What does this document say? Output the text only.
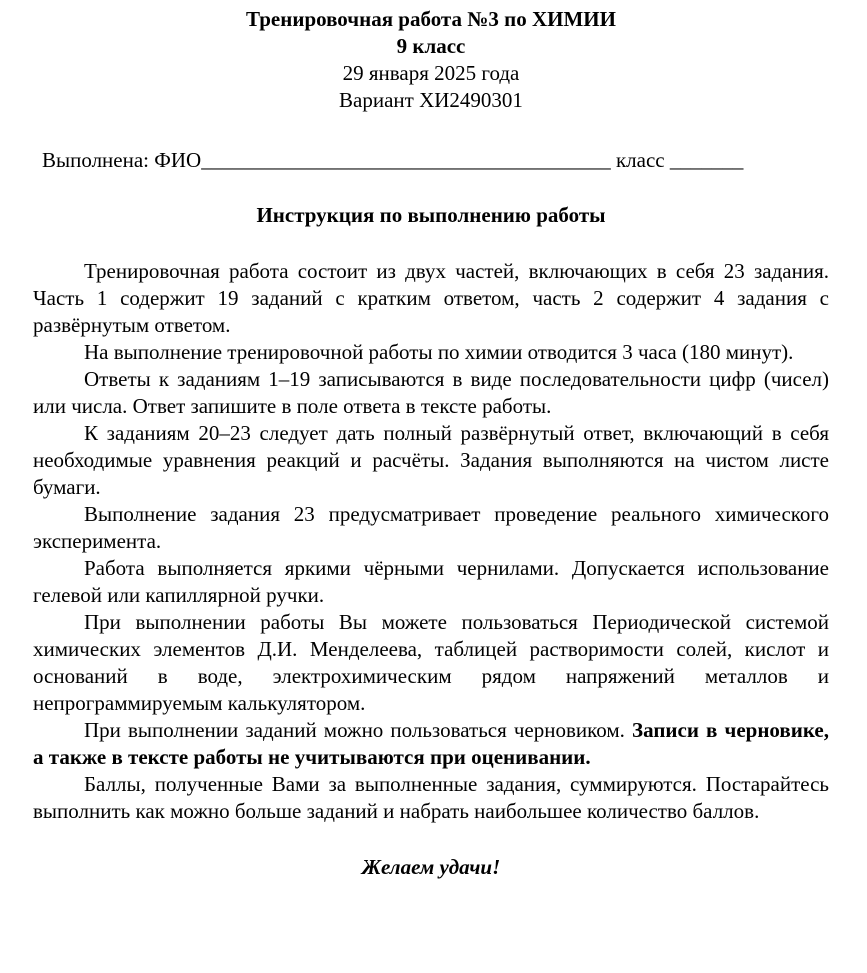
Тренировочная работа №3 по ХИМИИ
9 класс
29 января 2025 года
Вариант ХИ2490301
Выполнена: ФИО_______________________________________ класс _______
Инструкция по выполнению работы

Тренировочная работа состоит из двух частей, включающих в себя 23 задания. Часть 1 содержит 19 заданий с кратким ответом, часть 2 содержит 4 задания с развёрнутым ответом.

На выполнение тренировочной работы по химии отводится 3 часа (180 минут).

Ответы к заданиям 1–19 записываются в виде последовательности цифр (чисел) или числа. Ответ запишите в поле ответа в тексте работы.

К заданиям 20–23 следует дать полный развёрнутый ответ, включающий в себя необходимые уравнения реакций и расчёты. Задания выполняются на чистом листе бумаги.

Выполнение задания 23 предусматривает проведение реального химического эксперимента.

Работа выполняется яркими чёрными чернилами. Допускается использование гелевой или капиллярной ручки.

При выполнении работы Вы можете пользоваться Периодической системой химических элементов Д.И. Менделеева, таблицей растворимости солей, кислот и оснований в воде, электрохимическим рядом напряжений металлов и непрограммируемым калькулятором.

При выполнении заданий можно пользоваться черновиком. Записи в черновике, а также в тексте работы не учитываются при оценивании.

Баллы, полученные Вами за выполненные задания, суммируются. Постарайтесь выполнить как можно больше заданий и набрать наибольшее количество баллов.

Желаем удачи!
